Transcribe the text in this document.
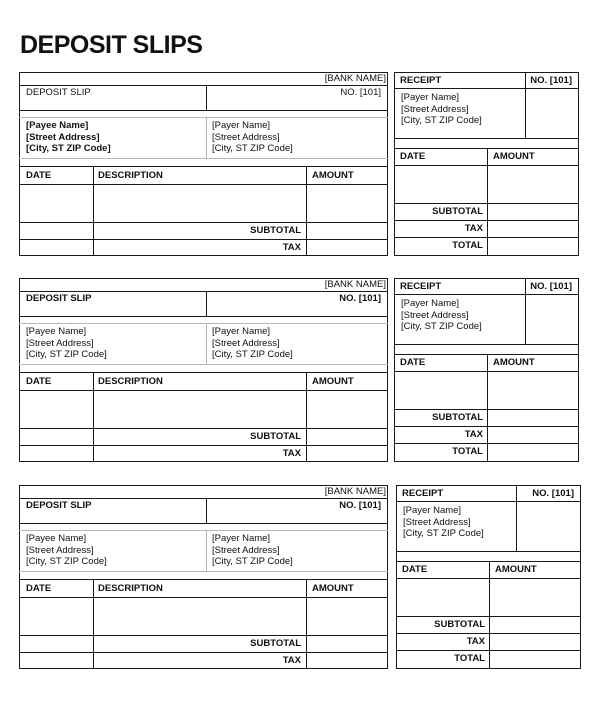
DEPOSIT SLIPS
[BANK NAME]
DEPOSIT SLIP	NO. [101]
[Payee Name]
[Street Address]
[City, ST ZIP Code]
[Payer Name]
[Street Address]
[City, ST ZIP Code]
DATE	DESCRIPTION	AMOUNT
SUBTOTAL
TAX
RECEIPT	NO. [101]
[Payer Name]
[Street Address]
[City, ST ZIP Code]
DATE	AMOUNT
SUBTOTAL
TAX
TOTAL
[BANK NAME]
DEPOSIT SLIP	NO. [101]
[Payee Name]
[Street Address]
[City, ST ZIP Code]
[Payer Name]
[Street Address]
[City, ST ZIP Code]
DATE	DESCRIPTION	AMOUNT
SUBTOTAL
TAX
RECEIPT	NO. [101]
[Payer Name]
[Street Address]
[City, ST ZIP Code]
DATE	AMOUNT
SUBTOTAL
TAX
TOTAL
[BANK NAME]
DEPOSIT SLIP	NO. [101]
[Payee Name]
[Street Address]
[City, ST ZIP Code]
[Payer Name]
[Street Address]
[City, ST ZIP Code]
DATE	DESCRIPTION	AMOUNT
SUBTOTAL
TAX
RECEIPT	NO. [101]
[Payer Name]
[Street Address]
[City, ST ZIP Code]
DATE	AMOUNT
SUBTOTAL
TAX
TOTAL
